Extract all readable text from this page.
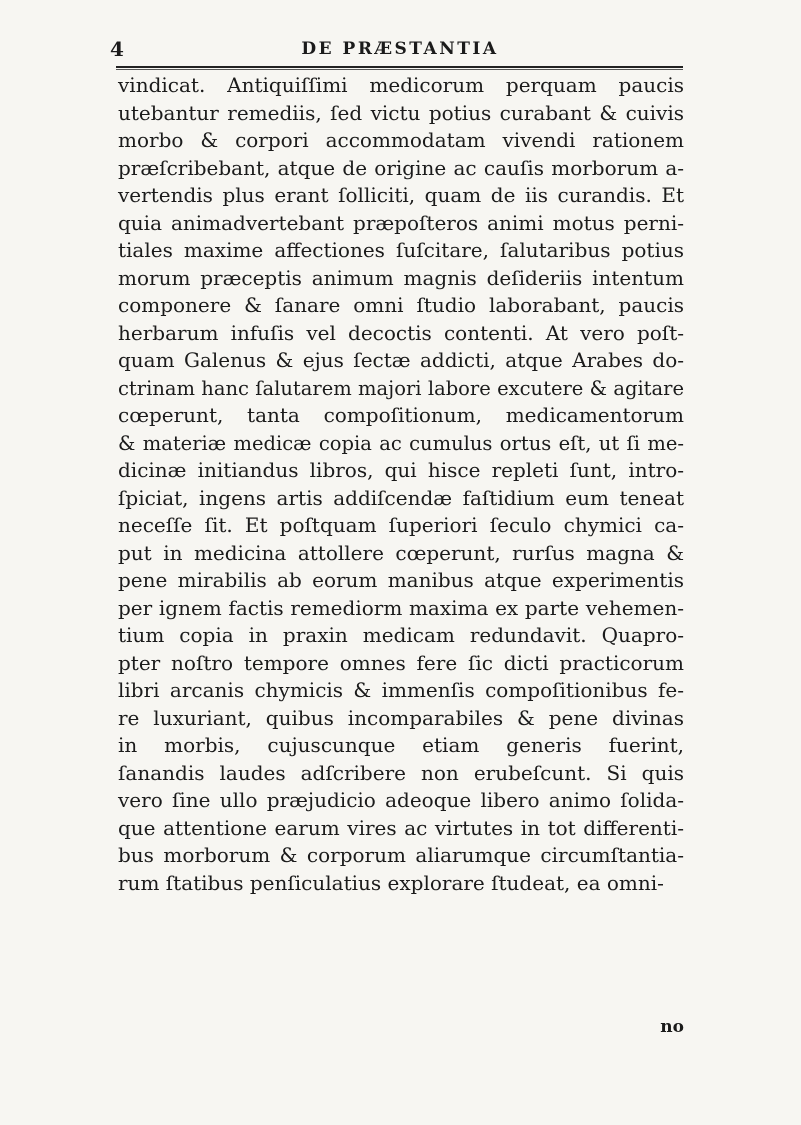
4	DE PRÆSTANTIA
vindicat. Antiquiſſimi medicorum perquam paucis
utebantur remediis, ſed victu potius curabant & cuivis
morbo & corpori accommodatam vivendi rationem
præſcribebant, atque de origine ac cauſis morborum a-
vertendis plus erant ſolliciti, quam de iis curandis. Et
quia animadvertebant præpoſteros animi motus perni-
tiales maxime affectiones ſuſcitare, ſalutaribus potius
morum præceptis animum magnis deſideriis intentum
componere & ſanare omni ſtudio laborabant, paucis
herbarum infuſis vel decoctis contenti. At vero poſt-
quam Galenus & ejus ſectæ addicti, atque Arabes do-
ctrinam hanc ſalutarem majori labore excutere & agitare
cœperunt, tanta compoſitionum, medicamentorum
& materiæ medicæ copia ac cumulus ortus eſt, ut ſi me-
dicinæ initiandus libros, qui hisce repleti ſunt, intro-
ſpiciat, ingens artis addiſcendæ faſtidium eum teneat
neceſſe ſit. Et poſtquam ſuperiori ſeculo chymici ca-
put in medicina attollere cœperunt, rurſus magna &
pene mirabilis ab eorum manibus atque experimentis
per ignem factis remediorm maxima ex parte vehemen-
tium copia in praxin medicam redundavit. Quapro-
pter noſtro tempore omnes fere ſic dicti practicorum
libri arcanis chymicis & immenſis compoſitionibus fe-
re luxuriant, quibus incomparabiles & pene divinas
in morbis, cujuscunque etiam generis fuerint,
ſanandis laudes adſcribere non erubeſcunt. Si quis
vero ſine ullo præjudicio adeoque libero animo ſolida-
que attentione earum vires ac virtutes in tot differenti-
bus morborum & corporum aliarumque circumſtantia-
rum ſtatibus penſiculatius explorare ſtudeat, ea omni-
no
